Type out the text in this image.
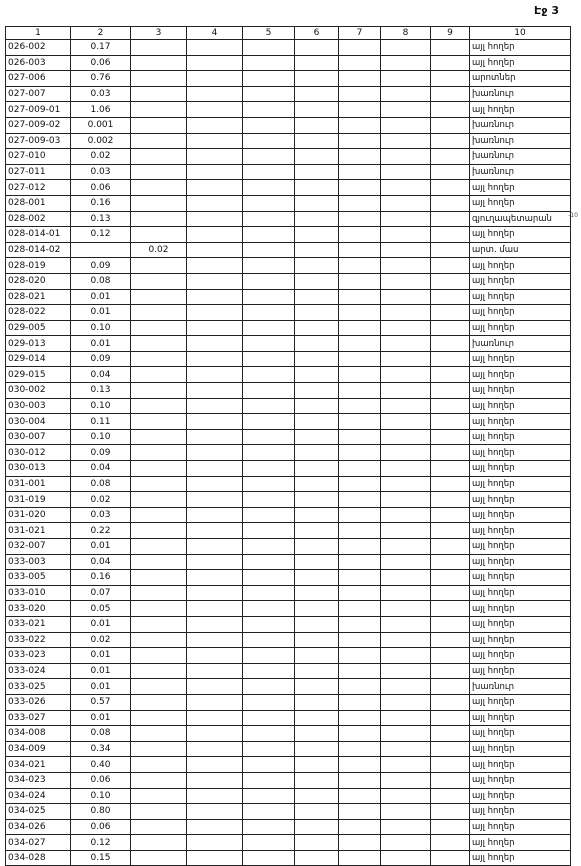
Էջ 3
-10
1	2	3	4	5	6	7	8	9	10
026-002	0.17								այլ հողեր
026-003	0.06								այլ հողեր
027-006	0.76								արոտներ
027-007	0.03								խառնուր
027-009-01	1.06								այլ հողեր
027-009-02	0.001								խառնուր
027-009-03	0.002								խառնուր
027-010	0.02								խառնուր
027-011	0.03								խառնուր
027-012	0.06								այլ հողեր
028-001	0.16								այլ հողեր
028-002	0.13								գյուղապետարան
028-014-01	0.12								այլ հողեր
028-014-02		0.02							արտ. մաս
028-019	0.09								այլ հողեր
028-020	0.08								այլ հողեր
028-021	0.01								այլ հողեր
028-022	0.01								այլ հողեր
029-005	0.10								այլ հողեր
029-013	0.01								խառնուր
029-014	0.09								այլ հողեր
029-015	0.04								այլ հողեր
030-002	0.13								այլ հողեր
030-003	0.10								այլ հողեր
030-004	0.11								այլ հողեր
030-007	0.10								այլ հողեր
030-012	0.09								այլ հողեր
030-013	0.04								այլ հողեր
031-001	0.08								այլ հողեր
031-019	0.02								այլ հողեր
031-020	0.03								այլ հողեր
031-021	0.22								այլ հողեր
032-007	0.01								այլ հողեր
033-003	0.04								այլ հողեր
033-005	0.16								այլ հողեր
033-010	0.07								այլ հողեր
033-020	0.05								այլ հողեր
033-021	0.01								այլ հողեր
033-022	0.02								այլ հողեր
033-023	0.01								այլ հողեր
033-024	0.01								այլ հողեր
033-025	0.01								խառնուր
033-026	0.57								այլ հողեր
033-027	0.01								այլ հողեր
034-008	0.08								այլ հողեր
034-009	0.34								այլ հողեր
034-021	0.40								այլ հողեր
034-023	0.06								այլ հողեր
034-024	0.10								այլ հողեր
034-025	0.80								այլ հողեր
034-026	0.06								այլ հողեր
034-027	0.12								այլ հողեր
034-028	0.15								այլ հողեր
